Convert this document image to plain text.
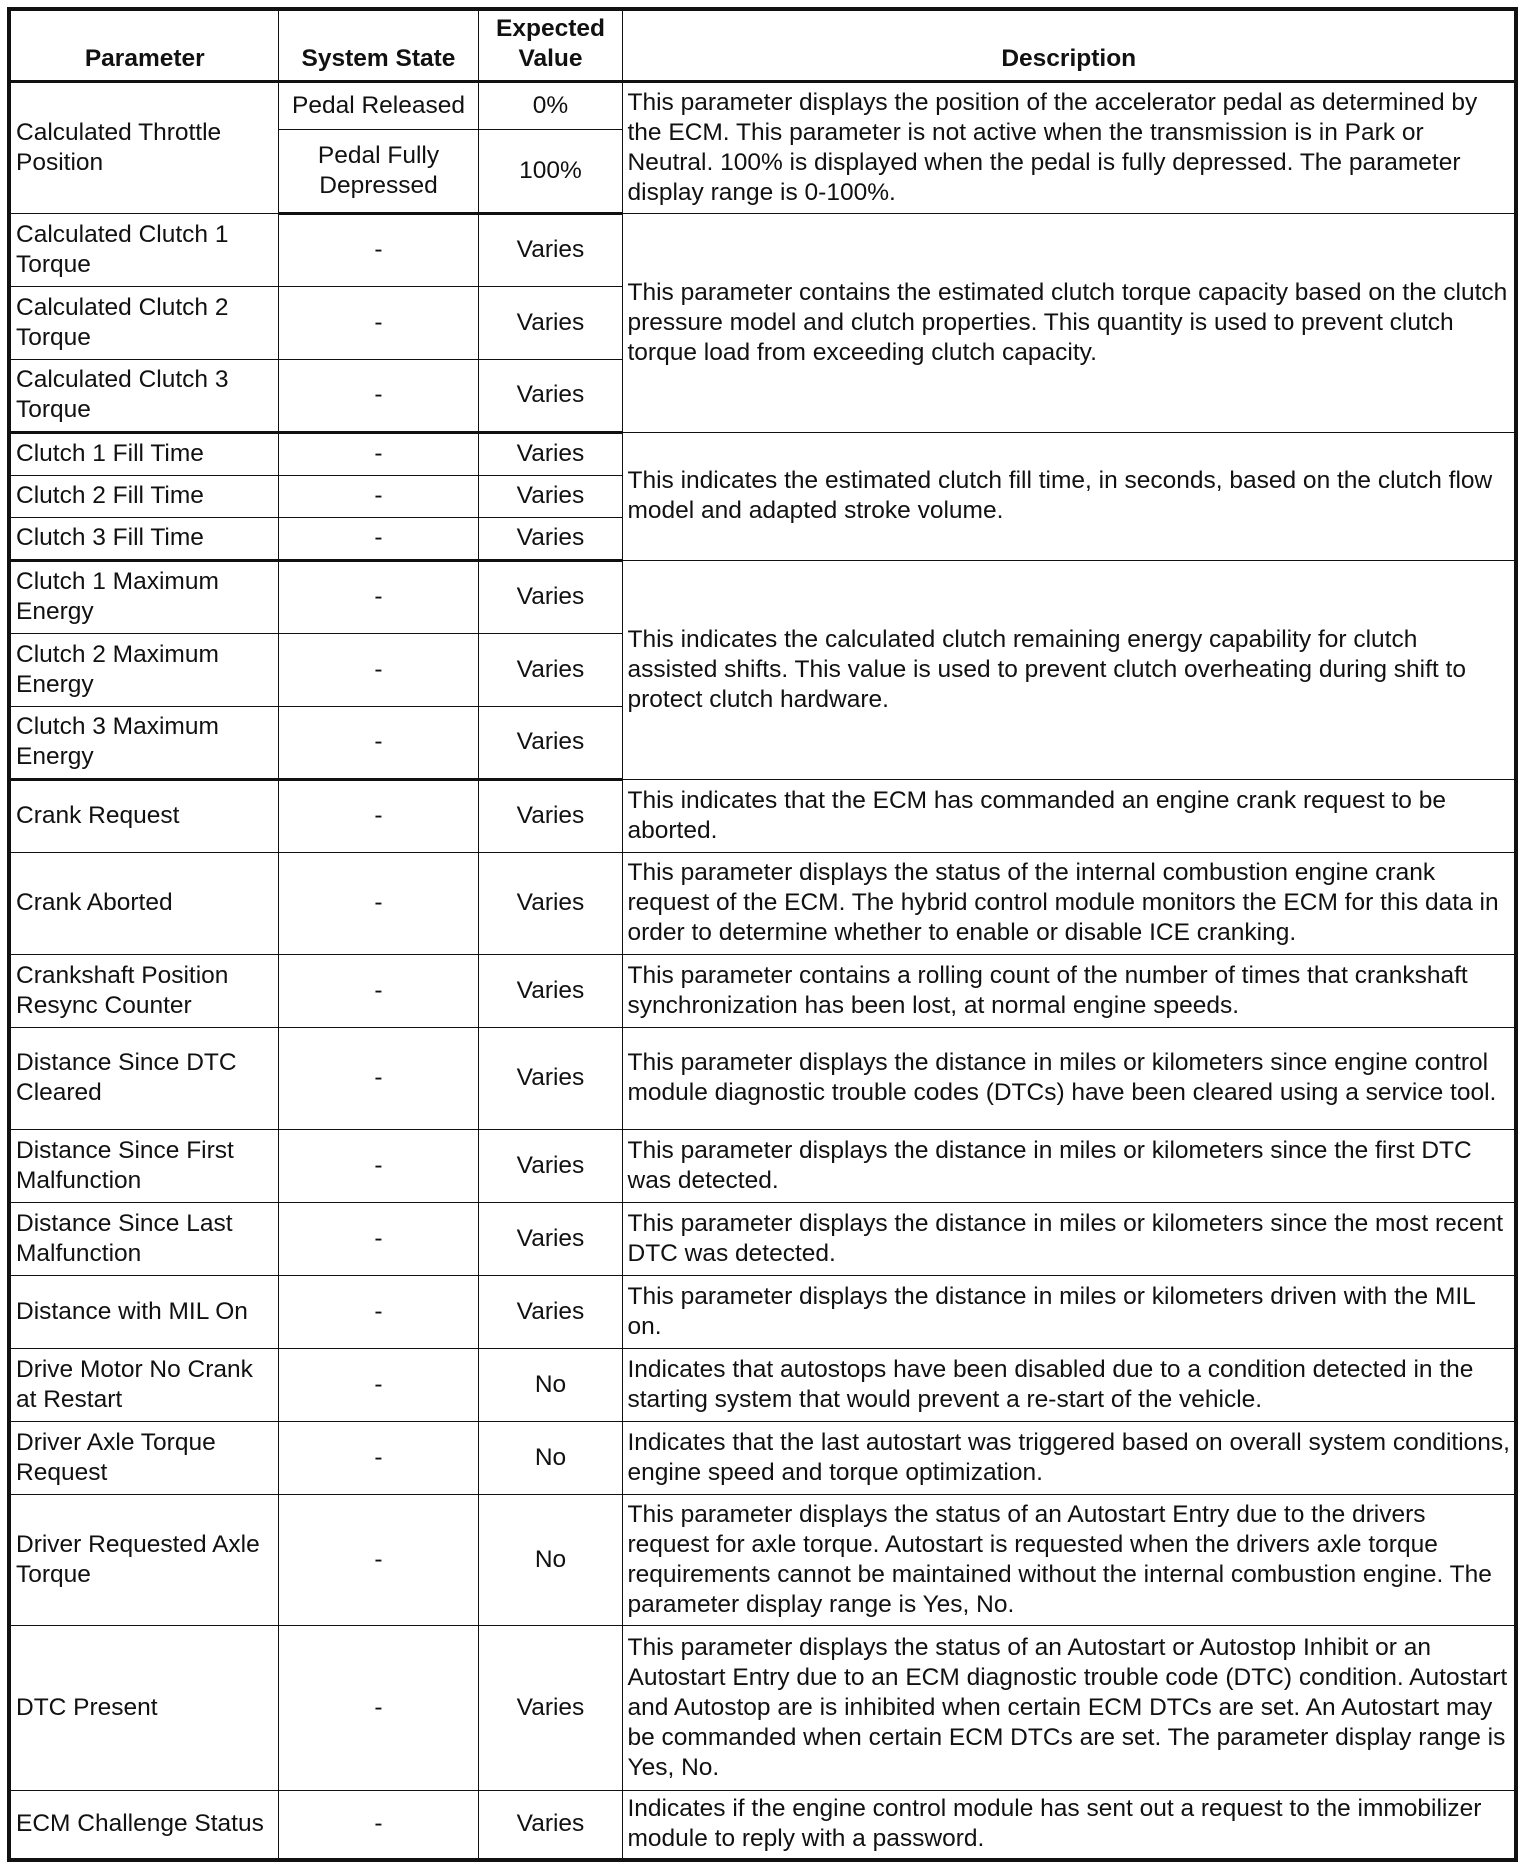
Parameter	System State	Expected Value	Description
Calculated Throttle Position	Pedal Released	0%	This parameter displays the position of the accelerator pedal as determined by the ECM. This parameter is not active when the transmission is in Park or Neutral. 100% is displayed when the pedal is fully depressed. The parameter display range is 0-100%.
	Pedal Fully Depressed	100%	
Calculated Clutch 1 Torque	-	Varies	This parameter contains the estimated clutch torque capacity based on the clutch pressure model and clutch properties. This quantity is used to prevent clutch torque load from exceeding clutch capacity.
Calculated Clutch 2 Torque	-	Varies	
Calculated Clutch 3 Torque	-	Varies	
Clutch 1 Fill Time	-	Varies	This indicates the estimated clutch fill time, in seconds, based on the clutch flow model and adapted stroke volume.
Clutch 2 Fill Time	-	Varies	
Clutch 3 Fill Time	-	Varies	
Clutch 1 Maximum Energy	-	Varies	This indicates the calculated clutch remaining energy capability for clutch assisted shifts. This value is used to prevent clutch overheating during shift to protect clutch hardware.
Clutch 2 Maximum Energy	-	Varies	
Clutch 3 Maximum Energy	-	Varies	
Crank Request	-	Varies	This indicates that the ECM has commanded an engine crank request to be aborted.
Crank Aborted	-	Varies	This parameter displays the status of the internal combustion engine crank request of the ECM. The hybrid control module monitors the ECM for this data in order to determine whether to enable or disable ICE cranking.
Crankshaft Position Resync Counter	-	Varies	This parameter contains a rolling count of the number of times that crankshaft synchronization has been lost, at normal engine speeds.
Distance Since DTC Cleared	-	Varies	This parameter displays the distance in miles or kilometers since engine control module diagnostic trouble codes (DTCs) have been cleared using a service tool.
Distance Since First Malfunction	-	Varies	This parameter displays the distance in miles or kilometers since the first DTC was detected.
Distance Since Last Malfunction	-	Varies	This parameter displays the distance in miles or kilometers since the most recent DTC was detected.
Distance with MIL On	-	Varies	This parameter displays the distance in miles or kilometers driven with the MIL on.
Drive Motor No Crank at Restart	-	No	Indicates that autostops have been disabled due to a condition detected in the starting system that would prevent a re-start of the vehicle.
Driver Axle Torque Request	-	No	Indicates that the last autostart was triggered based on overall system conditions, engine speed and torque optimization.
Driver Requested Axle Torque	-	No	This parameter displays the status of an Autostart Entry due to the drivers request for axle torque. Autostart is requested when the drivers axle torque requirements cannot be maintained without the internal combustion engine. The parameter display range is Yes, No.
DTC Present	-	Varies	This parameter displays the status of an Autostart or Autostop Inhibit or an Autostart Entry due to an ECM diagnostic trouble code (DTC) condition. Autostart and Autostop are is inhibited when certain ECM DTCs are set. An Autostart may be commanded when certain ECM DTCs are set. The parameter display range is Yes, No.
ECM Challenge Status	-	Varies	Indicates if the engine control module has sent out a request to the immobilizer module to reply with a password.
